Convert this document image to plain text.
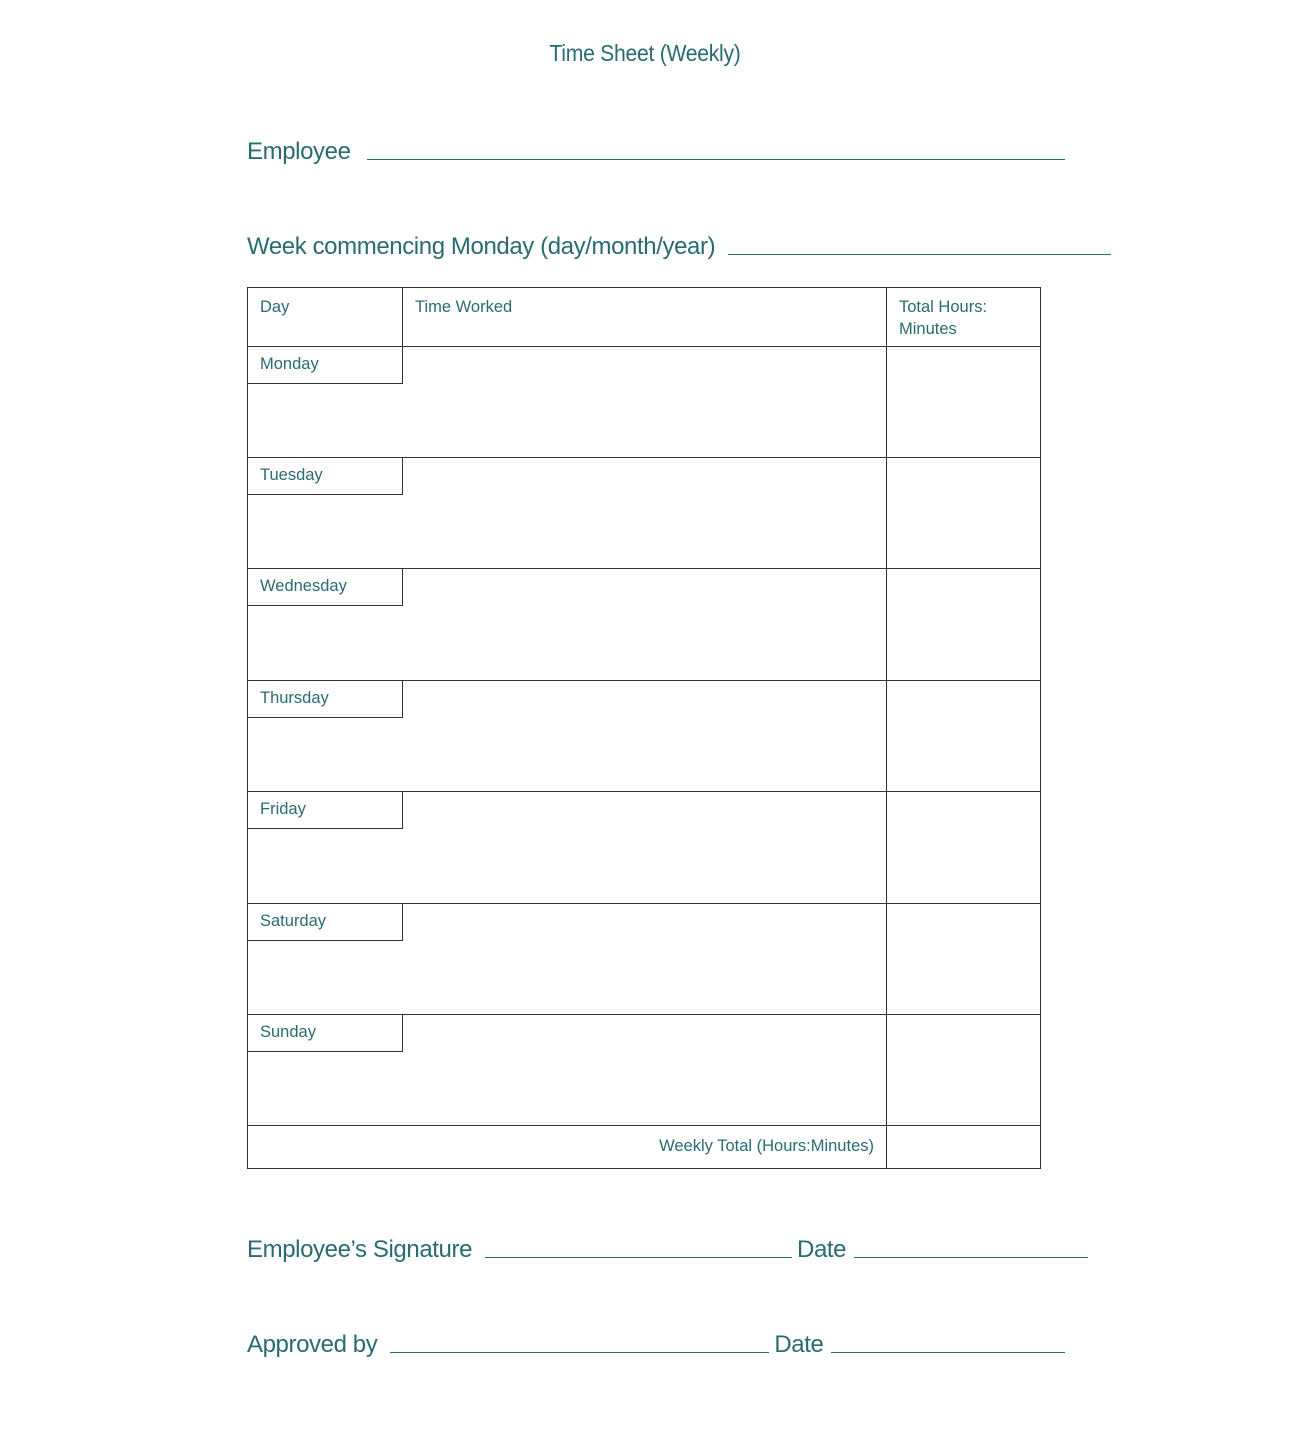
Time Sheet (Weekly)
Employee
Week commencing Monday (day/month/year)
Day	Time Worked	Total Hours:
Minutes
Monday
Tuesday
Wednesday
Thursday
Friday
Saturday
Sunday
Weekly Total (Hours:Minutes)
Employee’s Signature	Date
Approved by	Date
